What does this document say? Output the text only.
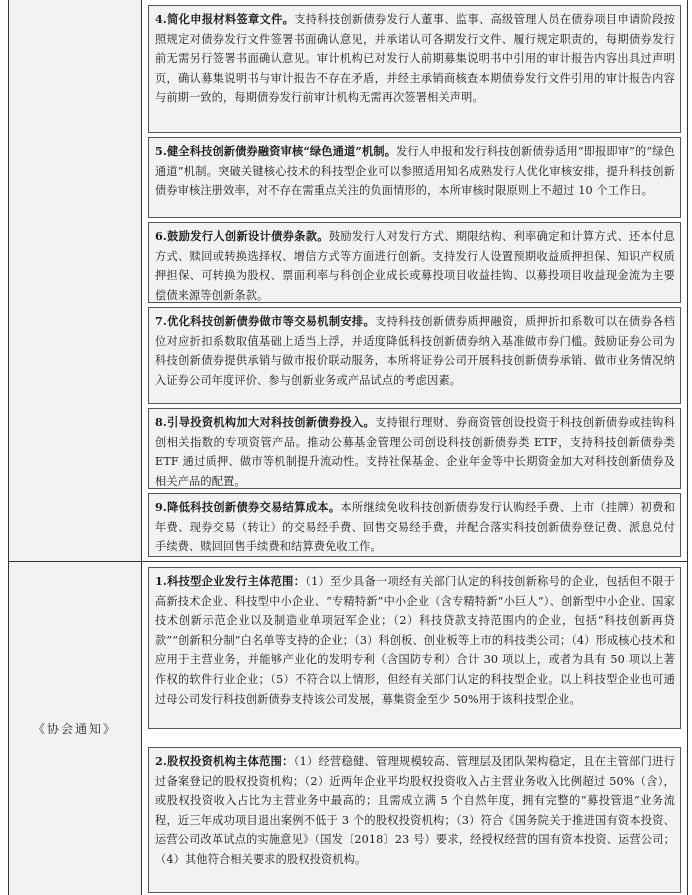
《协会通知》
4.简化申报材料签章文件。支持科技创新债券发行人董事、监事、高级管理人员在债券项目申请阶段按照规定对债券发行文件签署书面确认意见，并承诺认可各期发行文件、履行规定职责的，每期债券发行前无需另行签署书面确认意见。审计机构已对发行人前期募集说明书中引用的审计报告内容出具过声明页，确认募集说明书与审计报告不存在矛盾，并经主承销商核查本期债券发行文件引用的审计报告内容与前期一致的，每期债券发行前审计机构无需再次签署相关声明。
5.健全科技创新债券融资审核“绿色通道”机制。发行人申报和发行科技创新债券适用“即报即审”的“绿色通道”机制。突破关键核心技术的科技型企业可以参照适用知名成熟发行人优化审核安排，提升科技创新债券审核注册效率，对不存在需重点关注的负面情形的，本所审核时限原则上不超过 10 个工作日。
6.鼓励发行人创新设计债券条款。鼓励发行人对发行方式、期限结构、利率确定和计算方式、还本付息方式、赎回或转换选择权、增信方式等方面进行创新。支持发行人设置预期收益质押担保、知识产权质押担保、可转换为股权、票面利率与科创企业成长或募投项目收益挂钩、以募投项目收益现金流为主要偿债来源等创新条款。
7.优化科技创新债券做市等交易机制安排。支持科技创新债券质押融资，质押折扣系数可以在债券各档位对应折扣系数取值基础上适当上浮，并适度降低科技创新债券纳入基准做市券门槛。鼓励证券公司为科技创新债券提供承销与做市报价联动服务，本所将证券公司开展科技创新债券承销、做市业务情况纳入证券公司年度评价、参与创新业务或产品试点的考虑因素。
8.引导投资机构加大对科技创新债券投入。支持银行理财、券商资管创设投资于科技创新债券或挂钩科创相关指数的专项资管产品。推动公募基金管理公司创设科技创新债券类 ETF，支持科技创新债券类 ETF 通过质押、做市等机制提升流动性。支持社保基金、企业年金等中长期资金加大对科技创新债券及相关产品的配置。
9.降低科技创新债券交易结算成本。本所继续免收科技创新债券发行认购经手费、上市（挂牌）初费和年费、现券交易（转让）的交易经手费、回售交易经手费，并配合落实科技创新债券登记费、派息兑付手续费、赎回回售手续费和结算费免收工作。
1.科技型企业发行主体范围：（1）至少具备一项经有关部门认定的科技创新称号的企业，包括但不限于高新技术企业、科技型中小企业、“专精特新”中小企业（含专精特新“小巨人”）、创新型中小企业、国家技术创新示范企业以及制造业单项冠军企业；（2）科技贷款支持范围内的企业，包括“科技创新再贷款”“创新积分制”白名单等支持的企业；（3）科创板、创业板等上市的科技类公司；（4）形成核心技术和应用于主营业务，并能够产业化的发明专利（含国防专利）合计 30 项以上，或者为具有 50 项以上著作权的软件行业企业；（5）不符合以上情形，但经有关部门认定的科技型企业。以上科技型企业也可通过母公司发行科技创新债券支持该公司发展，募集资金至少 50%用于该科技型企业。
2.股权投资机构主体范围：（1）经营稳健、管理规模较高、管理层及团队架构稳定，且在主管部门进行过备案登记的股权投资机构；（2）近两年企业平均股权投资收入占主营业务收入比例超过 50%（含），或股权投资收入占比为主营业务中最高的；且需成立满 5 个自然年度，拥有完整的“募投管退”业务流程，近三年成功项目退出案例不低于 3 个的股权投资机构；（3）符合《国务院关于推进国有资本投资、运营公司改革试点的实施意见》（国发〔2018〕23 号）要求，经授权经营的国有资本投资、运营公司；（4）其他符合相关要求的股权投资机构。
